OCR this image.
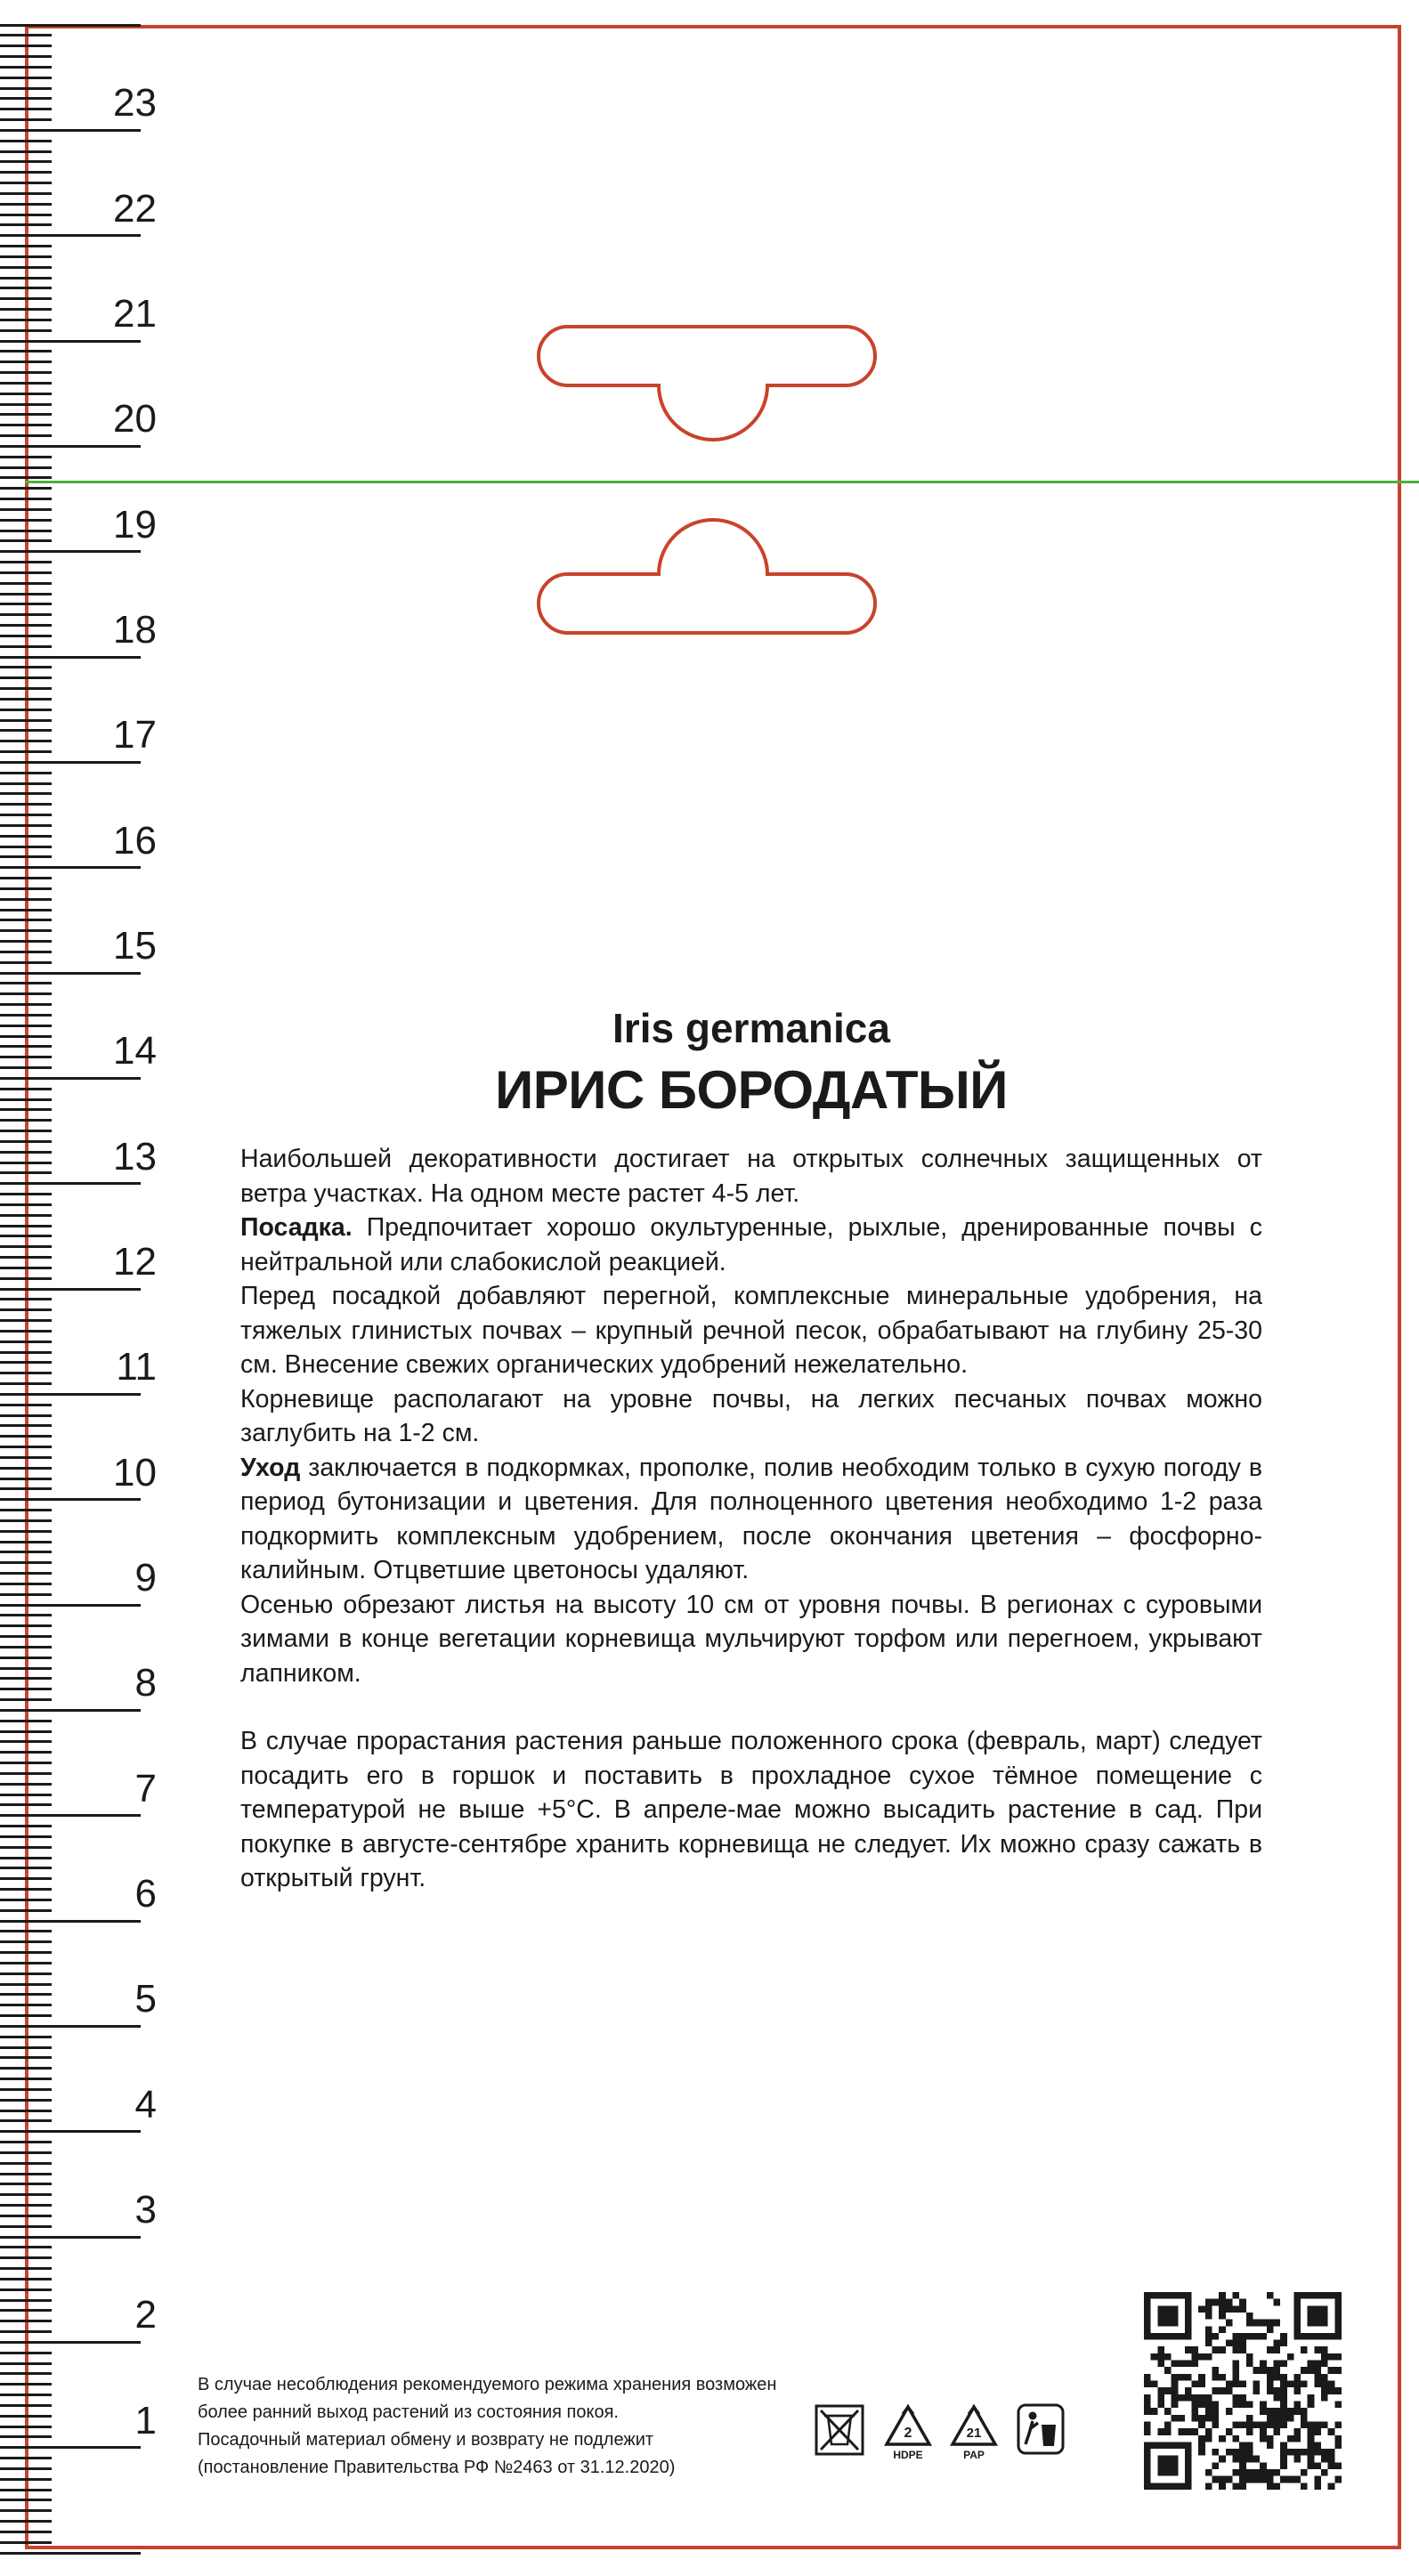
23
22
21
20
19
18
17
16
15
14
13
12
11
10
9
8
7
6
5
4
3
2
1
Iris germanica
ИРИС БОРОДАТЫЙ

Наибольшей декоративности достигает на открытых солнечных защищенных от ветра участках. На одном месте растет 4-5 лет.

Посадка. Предпочитает хорошо окультуренные, рыхлые, дренированные почвы с нейтральной или слабокислой реакцией.

Перед посадкой добавляют перегной, комплексные минеральные удобрения, на тяжелых глинистых почвах – крупный речной песок, обрабатывают на глубину 25-30 см. Внесение свежих органических удобрений нежелательно.

Корневище располагают на уровне почвы, на легких песчаных почвах можно заглубить на 1-2 см.

Уход заключается в подкормках, прополке, полив необходим только в сухую погоду в период бутонизации и цветения. Для полноценного цветения необходимо 1-2 раза подкормить комплексным удобрением, после окончания цветения – фосфорно-калийным. Отцветшие цветоносы удаляют.

Осенью обрезают листья на высоту 10 см от уровня почвы. В регионах с суровыми зимами в конце вегетации корневища мульчируют торфом или перегноем, укрывают лапником.

В случае прорастания растения раньше положенного срока (февраль, март) следует посадить его в горшок и поставить в прохладное сухое тёмное помещение с температурой не выше +5°С. В апреле-мае можно высадить растение в сад. При покупке в августе-сентябре хранить корневища не следует. Их можно сразу сажать в открытый грунт.

В случае несоблюдения рекомендуемого режима хранения возможен
более ранний выход растений из состояния покоя.
Посадочный материал обмену и возврату не подлежит
(постановление Правительства РФ №2463 от 31.12.2020)
2
HDPE
21
PAP
